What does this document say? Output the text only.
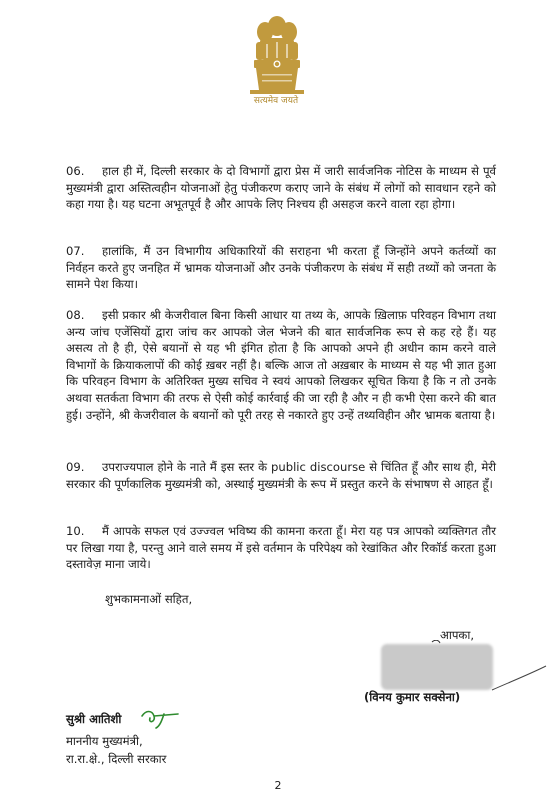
सत्यमेव जयते
06. हाल ही में, दिल्ली सरकार के दो विभागों द्वारा प्रेस में जारी सार्वजनिक नोटिस के माध्यम से पूर्व मुख्यमंत्री द्वारा अस्तित्वहीन योजनाओं हेतु पंजीकरण कराए जाने के संबंध में लोगों को सावधान रहने को कहा गया है। यह घटना अभूतपूर्व है और आपके लिए निश्चय ही असहज करने वाला रहा होगा।
07. हालांकि, मैं उन विभागीय अधिकारियों की सराहना भी करता हूँ जिन्होंने अपने कर्तव्यों का निर्वहन करते हुए जनहित में भ्रामक योजनाओं और उनके पंजीकरण के संबंध में सही तथ्यों को जनता के सामने पेश किया।
08. इसी प्रकार श्री केजरीवाल बिना किसी आधार या तथ्य के, आपके ख़िलाफ़ परिवहन विभाग तथा अन्य जांच एजेंसियों द्वारा जांच कर आपको जेल भेजने की बात सार्वजनिक रूप से कह रहे हैं। यह असत्य तो है ही, ऐसे बयानों से यह भी इंगित होता है कि आपको अपने ही अधीन काम करने वाले विभागों के क्रियाकलापों की कोई ख़बर नहीं है। बल्कि आज तो अख़बार के माध्यम से यह भी ज्ञात हुआ कि परिवहन विभाग के अतिरिक्त मुख्य सचिव ने स्वयं आपको लिखकर सूचित किया है कि न तो उनके अथवा सतर्कता विभाग की तरफ से ऐसी कोई कार्रवाई की जा रही है और न ही कभी ऐसा करने की बात हुई। उन्होंने, श्री केजरीवाल के बयानों को पूरी तरह से नकारते हुए उन्हें तथ्यविहीन और भ्रामक बताया है।
09. उपराज्यपाल होने के नाते मैं इस स्तर के public discourse से चिंतित हूँ और साथ ही, मेरी सरकार की पूर्णकालिक मुख्यमंत्री को, अस्थाई मुख्यमंत्री के रूप में प्रस्तुत करने के संभाषण से आहत हूँ।
10. मैं आपके सफल एवं उज्ज्वल भविष्य की कामना करता हूँ। मेरा यह पत्र आपको व्यक्तिगत तौर पर लिखा गया है, परन्तु आने वाले समय में इसे वर्तमान के परिपेक्ष्य को रेखांकित और रिकॉर्ड करता हुआ दस्तावेज़ माना जाये।
शुभकामनाओं सहित,
आपका,
(विनय कुमार सक्सेना)
सुश्री आतिशी
माननीय मुख्यमंत्री,
रा.रा.क्षे., दिल्ली सरकार
2
